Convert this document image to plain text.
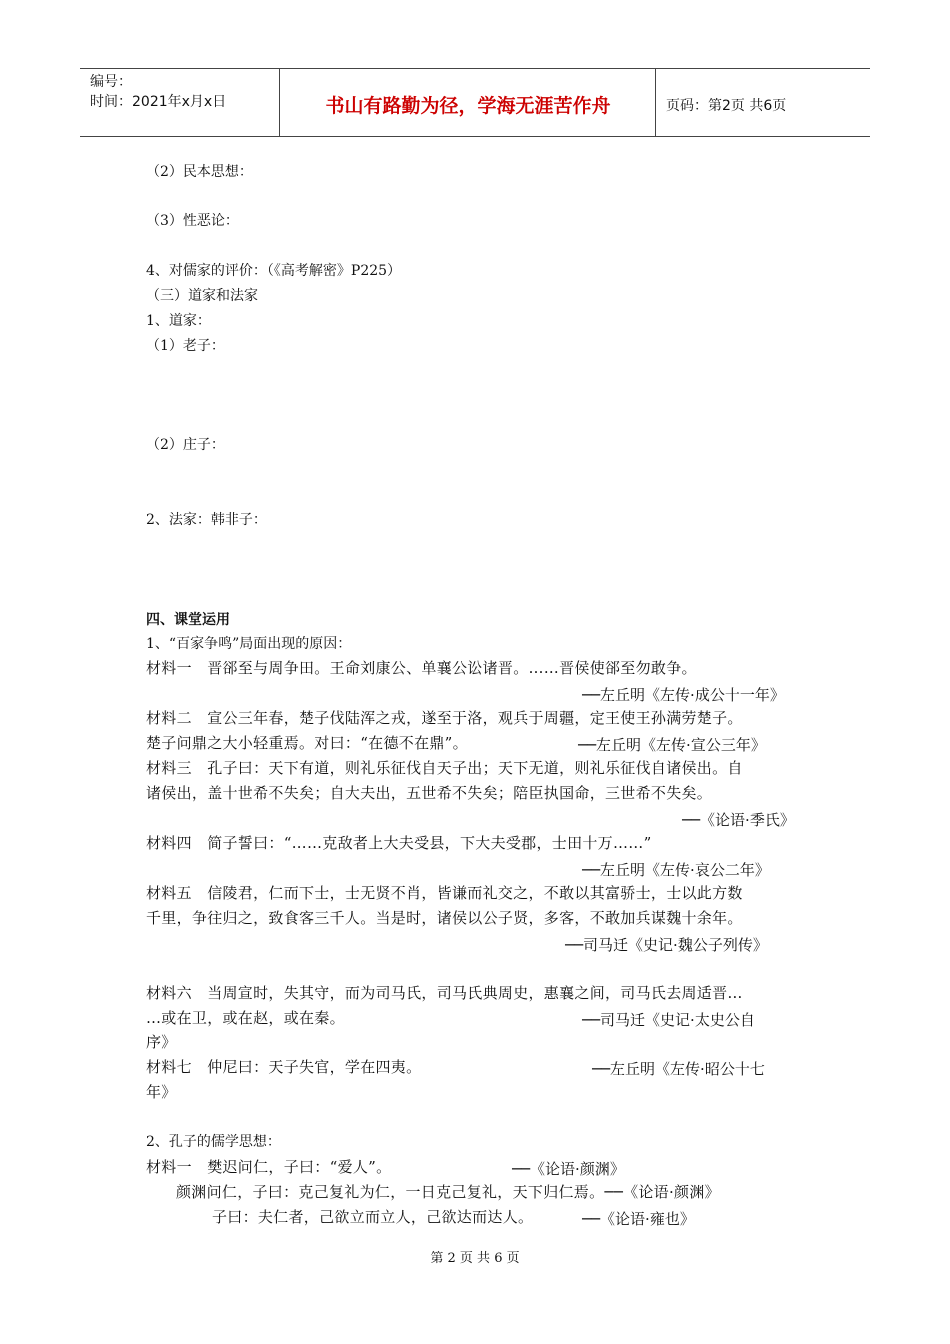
编号：
时间：2021年x月x日	书山有路勤为径，学海无涯苦作舟	页码：第2页 共6页
（2）民本思想：
（3）性恶论：
4、对儒家的评价：（《高考解密》P225）
（三）道家和法家
1、道家：
（1）老子：
（2）庄子：
2、法家：韩非子：
四、课堂运用
1、“百家争鸣”局面出现的原因：
材料一　晋郤至与周争田。王命刘康公、单襄公讼诸晋。……晋侯使郤至勿敢争。
──左丘明《左传·成公十一年》
材料二　宣公三年春，楚子伐陆浑之戎，遂至于洛，观兵于周疆，定王使王孙满劳楚子。
楚子问鼎之大小轻重焉。对曰：“在德不在鼎”。	──左丘明《左传·宣公三年》
材料三　孔子曰：天下有道，则礼乐征伐自天子出；天下无道，则礼乐征伐自诸侯出。自
诸侯出，盖十世希不失矣；自大夫出，五世希不失矣；陪臣执国命，三世希不失矣。
──《论语·季氏》
材料四　简子誓曰：“……克敌者上大夫受县，下大夫受郡，士田十万……”
──左丘明《左传·哀公二年》
材料五　信陵君，仁而下士，士无贤不肖，皆谦而礼交之，不敢以其富骄士，士以此方数
千里，争往归之，致食客三千人。当是时，诸侯以公子贤，多客，不敢加兵谋魏十余年。
──司马迁《史记·魏公子列传》
材料六　当周宣时，失其守，而为司马氏，司马氏典周史，惠襄之间，司马氏去周适晋…
…或在卫，或在赵，或在秦。	──司马迁《史记·太史公自
序》
材料七　仲尼曰：天子失官，学在四夷。	──左丘明《左传·昭公十七
年》
2、孔子的儒学思想：
材料一　樊迟问仁，子曰：“爱人”。	──《论语·颜渊》
颜渊问仁，子曰：克己复礼为仁，一日克己复礼，天下归仁焉。──《论语·颜渊》
子曰：夫仁者，己欲立而立人，己欲达而达人。	──《论语·雍也》
第 2 页 共 6 页
